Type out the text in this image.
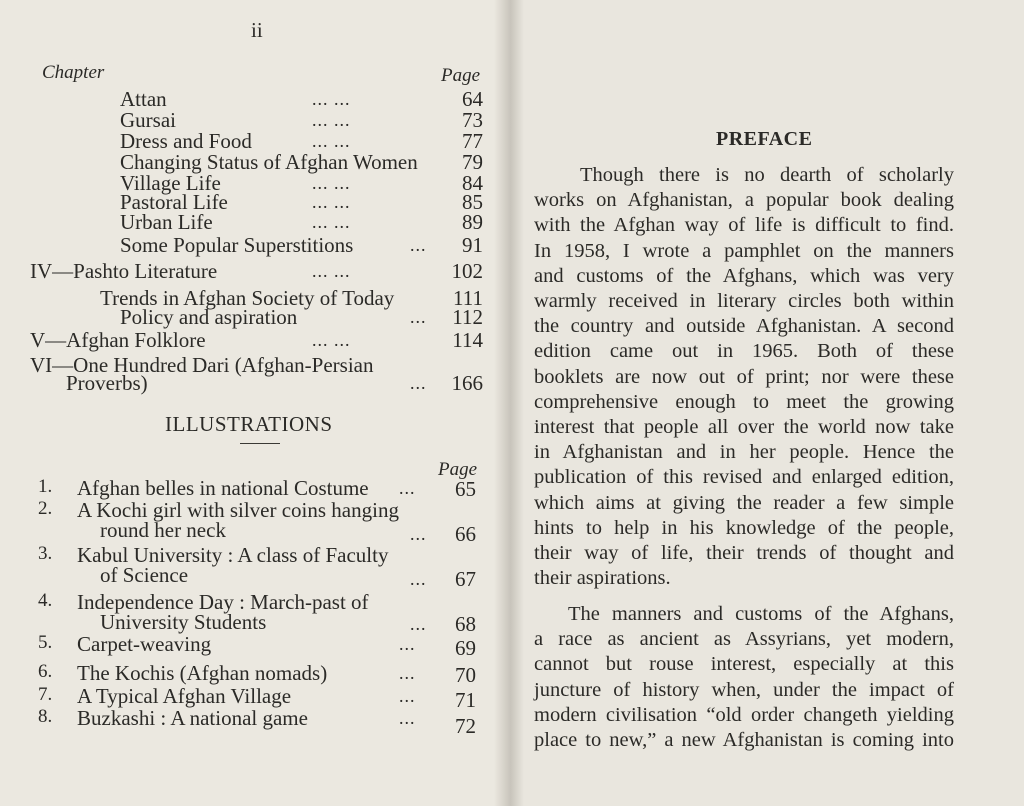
ii
Chapter	Page
Attan	... ...	64
Gursai	... ...	73
Dress and Food	... ...	77
Changing Status of Afghan Women	79
Village Life	... ...	84
Pastoral Life	... ...	85
Urban Life	... ...	89
Some Popular Superstitions	...	91
IV—Pashto Literature	... ...	102
Trends in Afghan Society of Today	111
Policy and aspiration	...	112
V—Afghan Folklore	... ...	114
VI—One Hundred Dari (Afghan-Persian
Proverbs)	...	166
ILLUSTRATIONS
Page
1. Afghan belles in national Costume ...	65
2. A Kochi girl with silver coins hanging
round her neck	...	66
3. Kabul University : A class of Faculty
of Science	...	67
4. Independence Day : March-past of
University Students	...	68
5. Carpet-weaving	...	69
6. The Kochis (Afghan nomads)	...	70
7. A Typical Afghan Village	...	71
8. Buzkashi : A national game	...	72
PREFACE
Though there is no dearth of scholarly
works on Afghanistan, a popular book dealing
with the Afghan way of life is difficult to find.
In 1958, I wrote a pamphlet on the manners
and customs of the Afghans, which was very
warmly received in literary circles both within
the country and outside Afghanistan. A second
edition came out in 1965. Both of these
booklets are now out of print; nor were these
comprehensive enough to meet the growing
interest that people all over the world now take
in Afghanistan and in her people. Hence the
publication of this revised and enlarged edition,
which aims at giving the reader a few simple
hints to help in his knowledge of the people,
their way of life, their trends of thought and
their aspirations.
The manners and customs of the Afghans,
a race as ancient as Assyrians, yet modern,
cannot but rouse interest, especially at this
juncture of history when, under the impact of
modern civilisation “old order changeth yielding
place to new,” a new Afghanistan is coming into
